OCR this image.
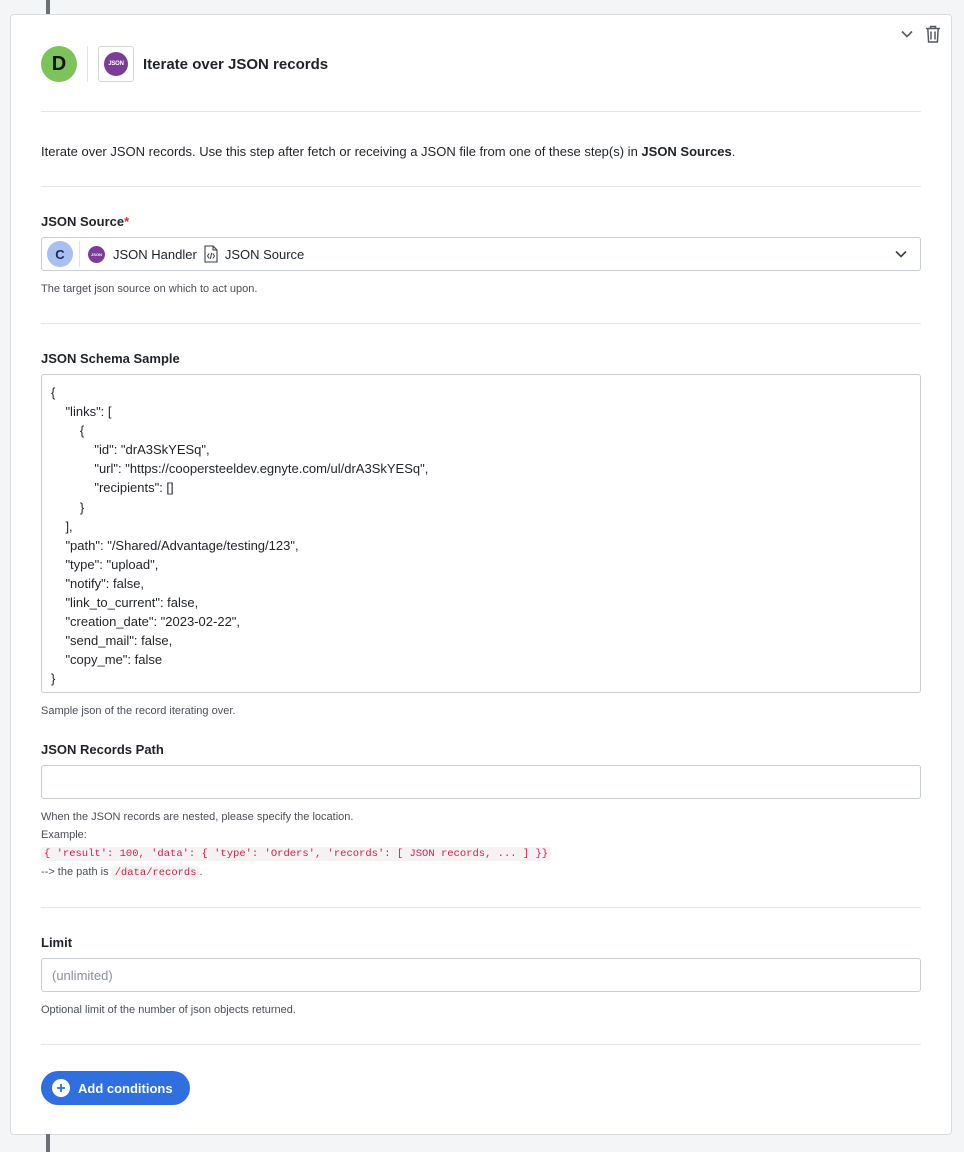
D	JSON Iterate over JSON records
Iterate over JSON records. Use this step after fetch or receiving a JSON file from one of these step(s) in JSON Sources.
JSON Source*
C	JSON JSON Handler JSON Source
The target json source on which to act upon.
JSON Schema Sample
{
"links": [
{
"id": "drA3SkYESq",
"url": "https://coopersteeldev.egnyte.com/ul/drA3SkYESq",
"recipients": []
}
],
"path": "/Shared/Advantage/testing/123",
"type": "upload",
"notify": false,
"link_to_current": false,
"creation_date": "2023-02-22",
"send_mail": false,
"copy_me": false
}
Sample json of the record iterating over.
JSON Records Path
When the JSON records are nested, please specify the location.
Example:
{ 'result': 100, 'data': { 'type': 'Orders', 'records': [ JSON records, ... ] }}
--> the path is /data/records .
Limit
(unlimited)
Optional limit of the number of json objects returned.
Add conditions
